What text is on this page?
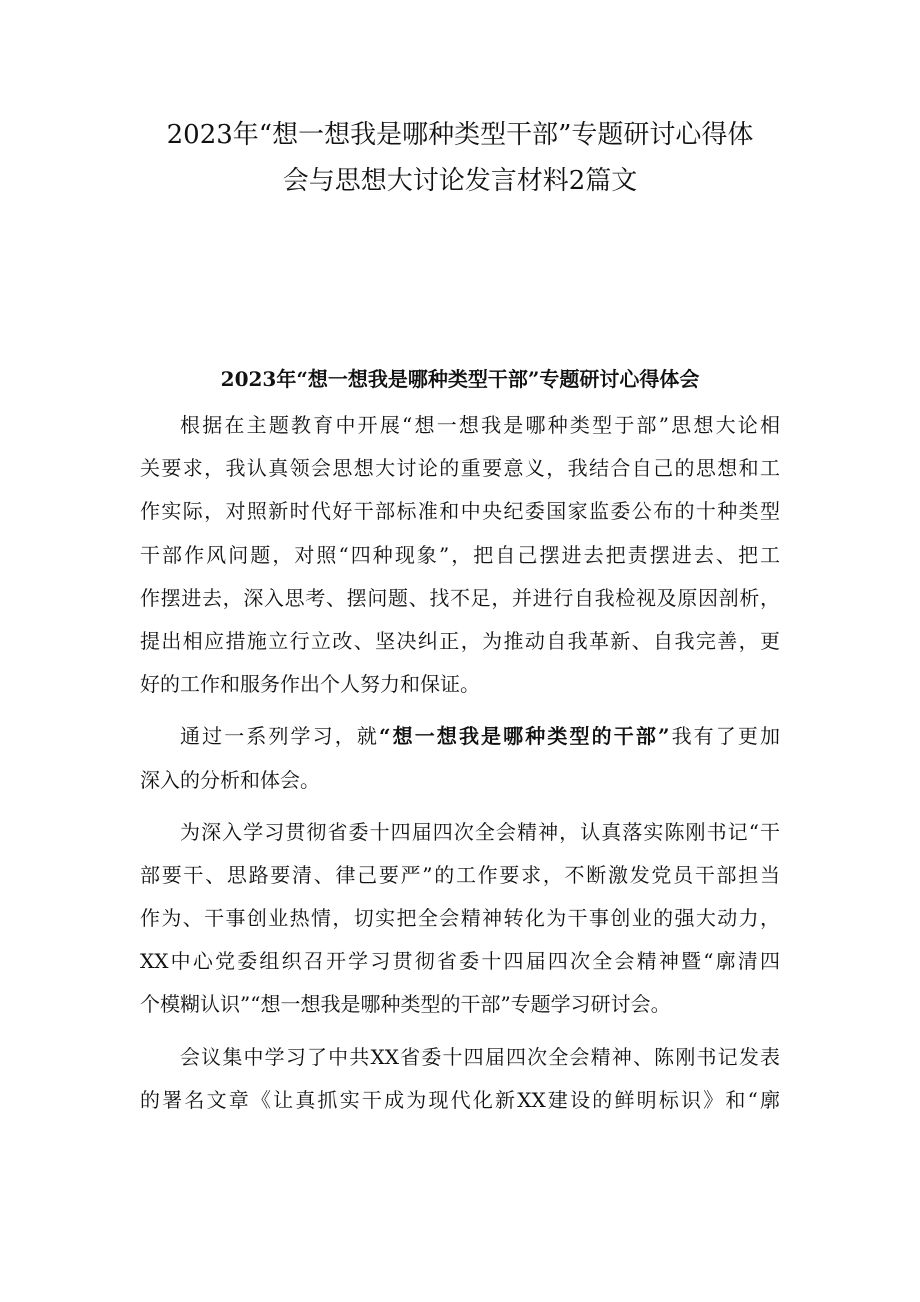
2023年“想一想我是哪种类型干部”专题研讨心得体
会与思想大讨论发言材料2篇文
2023年“想一想我是哪种类型干部”专题研讨心得体会
根据在主题教育中开展“想一想我是哪种类型于部”思想大论相
关要求，我认真领会思想大讨论的重要意义，我结合自己的思想和工
作实际，对照新时代好干部标准和中央纪委国家监委公布的十种类型
干部作风问题，对照“四种现象”，把自己摆进去把责摆进去、把工
作摆进去，深入思考、摆问题、找不足，并进行自我检视及原因剖析，
提出相应措施立行立改、坚决纠正，为推动自我革新、自我完善，更
好的工作和服务作出个人努力和保证。
通过一系列学习，就“想一想我是哪种类型的干部”我有了更加
深入的分析和体会。
为深入学习贯彻省委十四届四次全会精神，认真落实陈刚书记“干
部要干、思路要清、律己要严”的工作要求，不断激发党员干部担当
作为、干事创业热情，切实把全会精神转化为干事创业的强大动力，
XX中心党委组织召开学习贯彻省委十四届四次全会精神暨“廓清四
个模糊认识”“想一想我是哪种类型的干部”专题学习研讨会。
会议集中学习了中共XX省委十四届四次全会精神、陈刚书记发表
的署名文章《让真抓实干成为现代化新XX建设的鲜明标识》和“廓
